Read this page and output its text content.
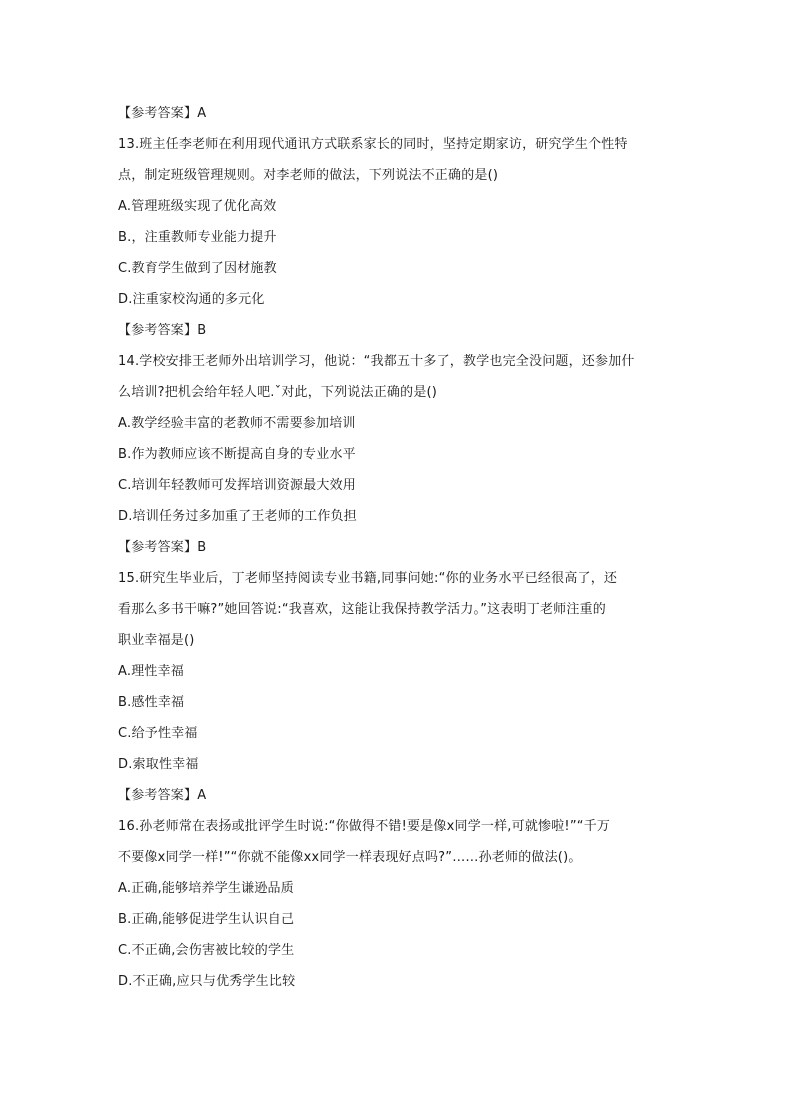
【参考答案】A
13.班主任李老师在利用现代通讯方式联系家长的同时，坚持定期家访，研究学生个性特
点，制定班级管理规则。对李老师的做法，下列说法不正确的是()
A.管理班级实现了优化高效
B.，注重教师专业能力提升
C.教育学生做到了因材施教
D.注重家校沟通的多元化
【参考答案】B
14.学校安排王老师外出培训学习，他说：“我都五十多了，教学也完全没问题，还参加什
么培训?把机会给年轻人吧.ˇ对此，下列说法正确的是()
A.教学经验丰富的老教师不需要参加培训
B.作为教师应该不断提高自身的专业水平
C.培训年轻教师可发挥培训资源最大效用
D.培训任务过多加重了王老师的工作负担
【参考答案】B
15.研究生毕业后，丁老师坚持阅读专业书籍,同事问她:“你的业务水平已经很高了，还
看那么多书干嘛?”她回答说:“我喜欢，这能让我保持教学活力。”这表明丁老师注重的
职业幸福是()
A.理性幸福
B.感性幸福
C.给予性幸福
D.索取性幸福
【参考答案】A
16.孙老师常在表扬或批评学生时说:“你做得不错!要是像x同学一样,可就惨啦!”“千万
不要像x同学一样!”“你就不能像xx同学一样表现好点吗?”……孙老师的做法()。
A.正确,能够培养学生谦逊品质
B.正确,能够促进学生认识自己
C.不正确,会伤害被比较的学生
D.不正确,应只与优秀学生比较
